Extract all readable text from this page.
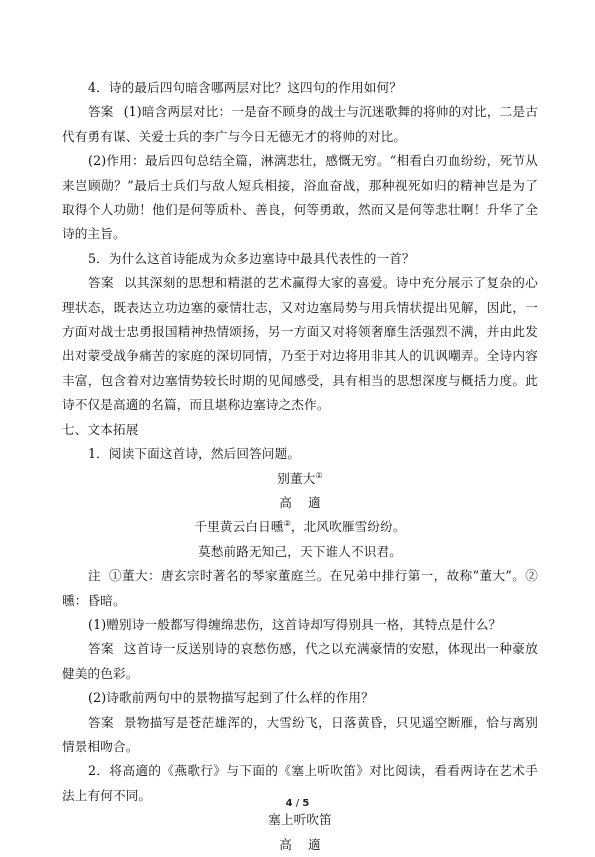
4．诗的最后四句暗含哪两层对比？这四句的作用如何？

答案 (1)暗含两层对比：一是奋不顾身的战士与沉迷歌舞的将帅的对比，二是古代有勇有谋、关爱士兵的李广与今日无德无才的将帅的对比。

(2)作用：最后四句总结全篇，淋漓悲壮，感慨无穷。“相看白刃血纷纷，死节从来岂顾勋？”最后士兵们与敌人短兵相接，浴血奋战，那种视死如归的精神岂是为了取得个人功勋！他们是何等质朴、善良，何等勇敢，然而又是何等悲壮啊！升华了全诗的主旨。

5．为什么这首诗能成为众多边塞诗中最具代表性的一首？

答案 以其深刻的思想和精湛的艺术赢得大家的喜爱。诗中充分展示了复杂的心理状态，既表达立功边塞的豪情壮志，又对边塞局势与用兵情状提出见解，因此，一方面对战士忠勇报国精神热情颂扬，另一方面又对将领奢靡生活强烈不满，并由此发出对蒙受战争痛苦的家庭的深切同情，乃至于对边将用非其人的讥讽嘲弄。全诗内容丰富，包含着对边塞情势较长时期的见闻感受，具有相当的思想深度与概括力度。此诗不仅是高適的名篇，而且堪称边塞诗之杰作。

七、文本拓展

1．阅读下面这首诗，然后回答问题。

别董大①

高 適

千里黄云白日曛②，北风吹雁雪纷纷。

莫愁前路无知己，天下谁人不识君。

注 ①董大：唐玄宗时著名的琴家董庭兰。在兄弟中排行第一，故称“董大”。②曛：昏暗。

(1)赠别诗一般都写得缠绵悲伤，这首诗却写得别具一格，其特点是什么？

答案 这首诗一反送别诗的哀愁伤感，代之以充满豪情的安慰，体现出一种豪放健美的色彩。

(2)诗歌前两句中的景物描写起到了什么样的作用？

答案 景物描写是苍茫雄浑的，大雪纷飞，日落黄昏，只见遥空断雁，恰与离别情景相吻合。

2．将高適的《燕歌行》与下面的《塞上听吹笛》对比阅读，看看两诗在艺术手法上有何不同。

塞上听吹笛

高 適

4 / 5
